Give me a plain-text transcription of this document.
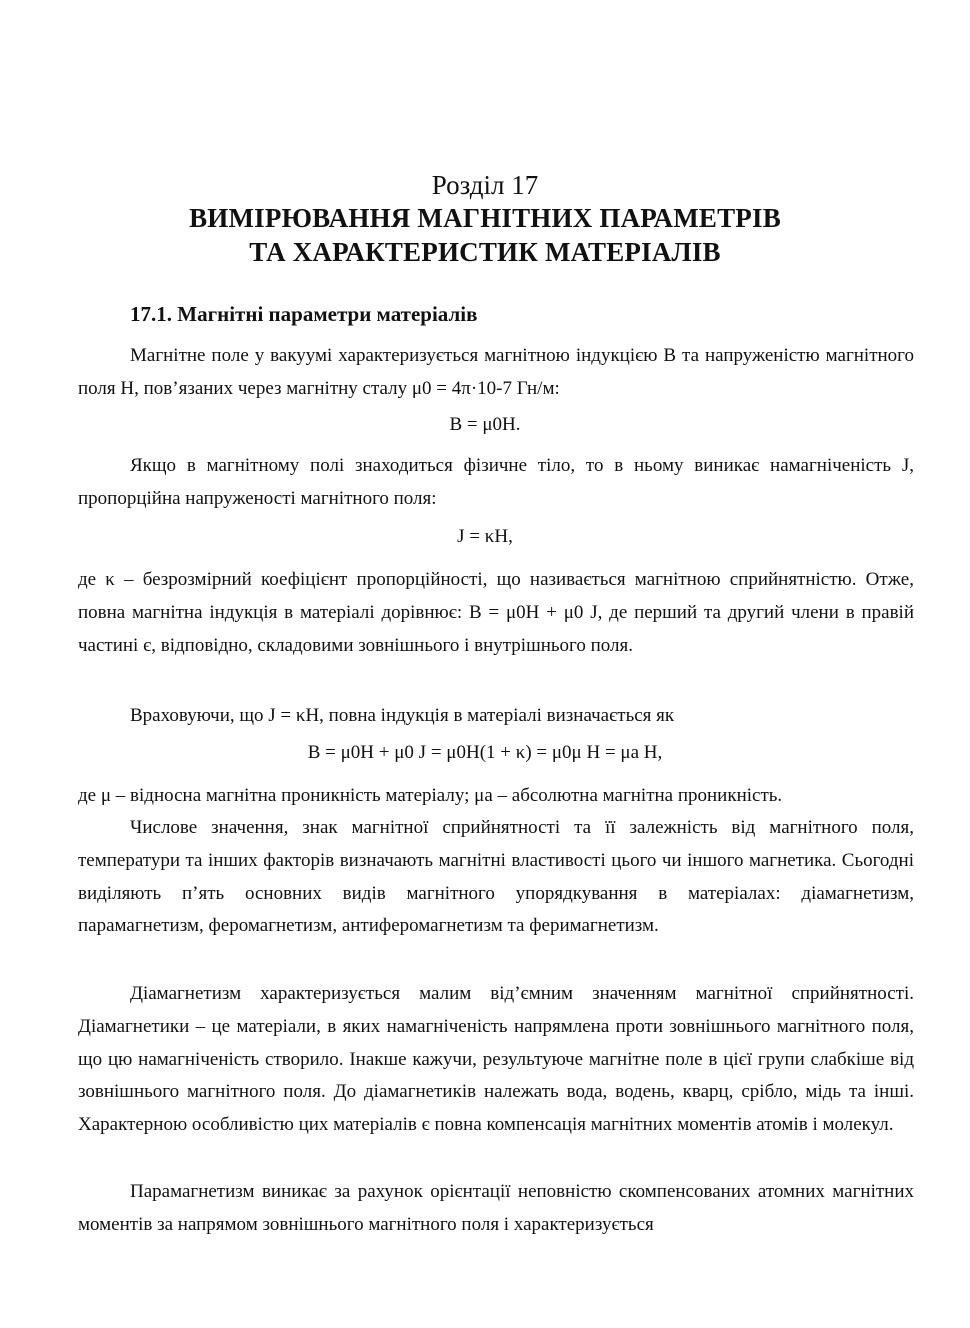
Розділ 17
ВИМІРЮВАННЯ МАГНІТНИХ ПАРАМЕТРІВ
ТА ХАРАКТЕРИСТИК МАТЕРІАЛІВ
17.1. Магнітні параметри матеріалів

Магнітне поле у вакуумі характеризується магнітною індукцією B та напруженістю магнітного поля H, пов’язаних через магнітну сталу μ0 = 4π·10-7 Гн/м:

B = μ0H.

Якщо в магнітному полі знаходиться фізичне тіло, то в ньому виникає намагніченість J, пропорційна напруженості магнітного поля:

J = κH,

де κ – безрозмірний коефіцієнт пропорційності, що називається магнітною сприйнятністю. Отже, повна магнітна індукція в матеріалі дорівнює: B = μ0H + μ0 J, де перший та другий члени в правій частині є, відповідно, складовими зовнішнього і внутрішнього поля.

Враховуючи, що J = κH, повна індукція в матеріалі визначається як

B = μ0H + μ0 J = μ0H(1 + κ) = μ0μ H = μa H,

де μ – відносна магнітна проникність матеріалу; μa – абсолютна магнітна проникність.

Числове значення, знак магнітної сприйнятності та її залежність від магнітного поля, температури та інших факторів визначають магнітні властивості цього чи іншого магнетика. Сьогодні виділяють п’ять основних видів магнітного упорядкування в матеріалах: діамагнетизм, парамагнетизм, феромагнетизм, антиферомагнетизм та феримагнетизм.

Діамагнетизм характеризується малим від’ємним значенням магнітної сприйнятності. Діамагнетики – це матеріали, в яких намагніченість напрямлена проти зовнішнього магнітного поля, що цю намагніченість створило. Інакше кажучи, результуюче магнітне поле в цієї групи слабкіше від зовнішнього магнітного поля. До діамагнетиків належать вода, водень, кварц, срібло, мідь та інші. Характерною особливістю цих матеріалів є повна компенсація магнітних моментів атомів і молекул.

Парамагнетизм виникає за рахунок орієнтації неповністю скомпенсованих атомних магнітних моментів за напрямом зовнішнього магнітного поля і характеризується
